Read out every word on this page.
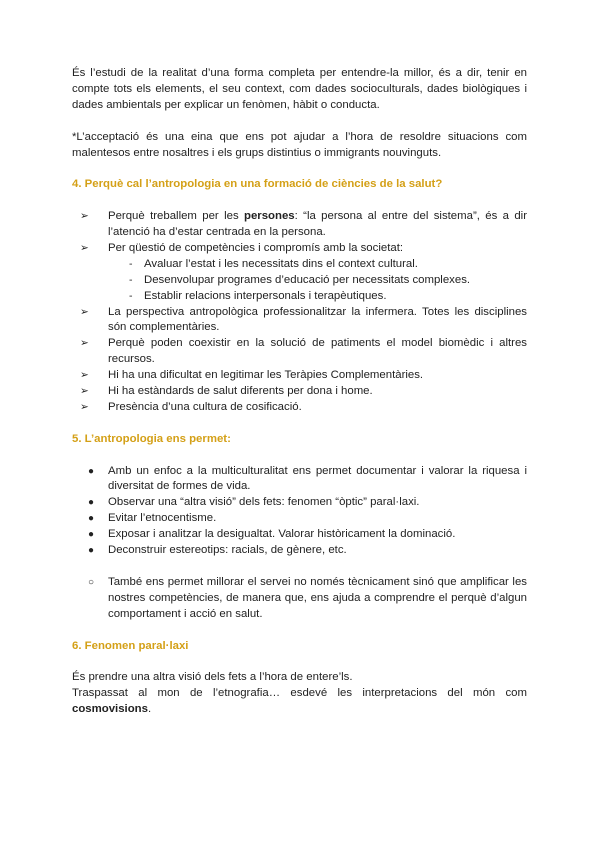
És l’estudi de la realitat d’una forma completa per entendre-la millor, és a dir, tenir en compte tots els elements, el seu context, com dades socioculturals, dades biològiques i dades ambientals per explicar un fenòmen, hàbit o conducta.

*L’acceptació és una eina que ens pot ajudar a l’hora de resoldre situacions com malentesos entre nosaltres i els grups distintius o immigrants nouvinguts.

4. Perquè cal l’antropologia en una formació de ciències de la salut?
➢ Perquè treballem per les persones: “la persona al entre del sistema”, és a dir l’atenció ha d’estar centrada en la persona.
➢ Per qüestió de competències i compromís amb la societat:
- Avaluar l’estat i les necessitats dins el context cultural.
- Desenvolupar programes d’educació per necessitats complexes.
- Establir relacions interpersonals i terapèutiques.
➢ La perspectiva antropològica professionalitzar la infermera. Totes les disciplines són complementàries.
➢ Perquè poden coexistir en la solució de patiments el model biomèdic i altres recursos.
➢ Hi ha una dificultat en legitimar les Teràpies Complementàries.
➢ Hi ha estàndards de salut diferents per dona i home.
➢ Presència d’una cultura de cosificació.
5. L’antropologia ens permet:
● Amb un enfoc a la multiculturalitat ens permet documentar i valorar la riquesa i diversitat de formes de vida.
● Observar una “altra visió” dels fets: fenomen “òptic” paral·laxi.
● Evitar l’etnocentisme.
● Exposar i analitzar la desigualtat. Valorar històricament la dominació.
● Deconstruir estereotips: racials, de gènere, etc.
○ També ens permet millorar el servei no només tècnicament sinó que amplificar les nostres competències, de manera que, ens ajuda a comprendre el perquè d’algun comportament i acció en salut.
6. Fenomen paral·laxi

És prendre una altra visió dels fets a l’hora de entere’ls.

Traspassat al mon de l’etnografia… esdevé les interpretacions del món com cosmovisions.
